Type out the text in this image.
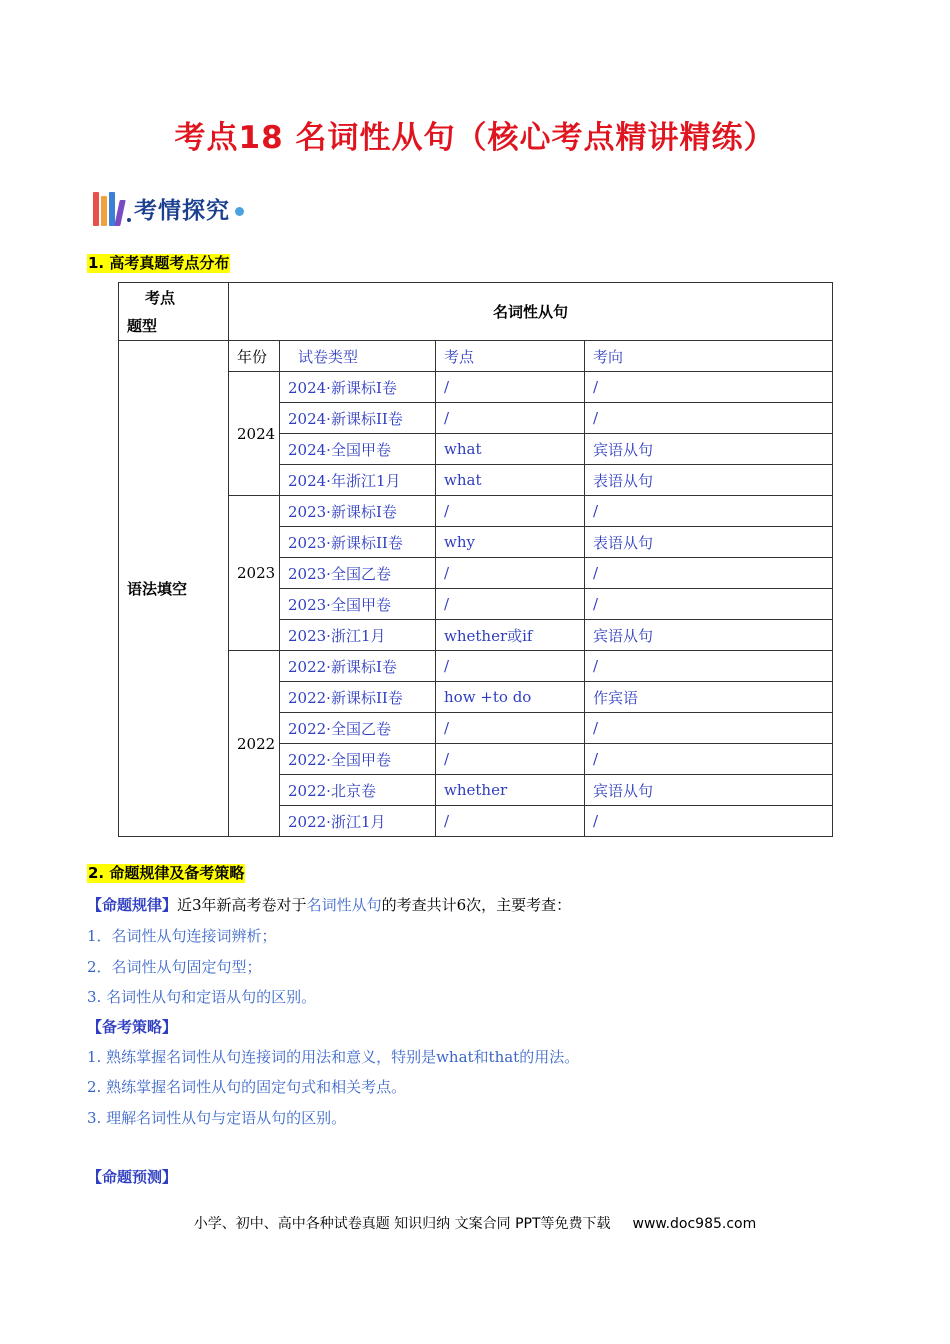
考点18 名词性从句（核心考点精讲精练）
考情探究
1. 高考真题考点分布
考点
题型	名词性从句			
语法填空	年份	试卷类型	考点	考向
	2024	2024·新课标I卷	/	/
		2024·新课标II卷	/	/
		2024·全国甲卷	what	宾语从句
		2024·年浙江1月	what	表语从句
	2023	2023·新课标I卷	/	/
		2023·新课标II卷	why	表语从句
		2023·全国乙卷	/	/
		2023·全国甲卷	/	/
		2023·浙江1月	whether或if	宾语从句
	2022	2022·新课标I卷	/	/
		2022·新课标II卷	how +to do	作宾语
		2022·全国乙卷	/	/
		2022·全国甲卷	/	/
		2022·北京卷	whether	宾语从句
		2022·浙江1月	/	/
2. 命题规律及备考策略
【命题规律】近3年新高考卷对于名词性从句的考查共计6次，主要考查：
1．名词性从句连接词辨析；
2．名词性从句固定句型；
3. 名词性从句和定语从句的区别。
【备考策略】
1. 熟练掌握名词性从句连接词的用法和意义，特别是what和that的用法。
2. 熟练掌握名词性从句的固定句式和相关考点。
3. 理解名词性从句与定语从句的区别。
【命题预测】
小学、初中、高中各种试卷真题 知识归纳 文案合同 PPT等免费下载 www.doc985.com
